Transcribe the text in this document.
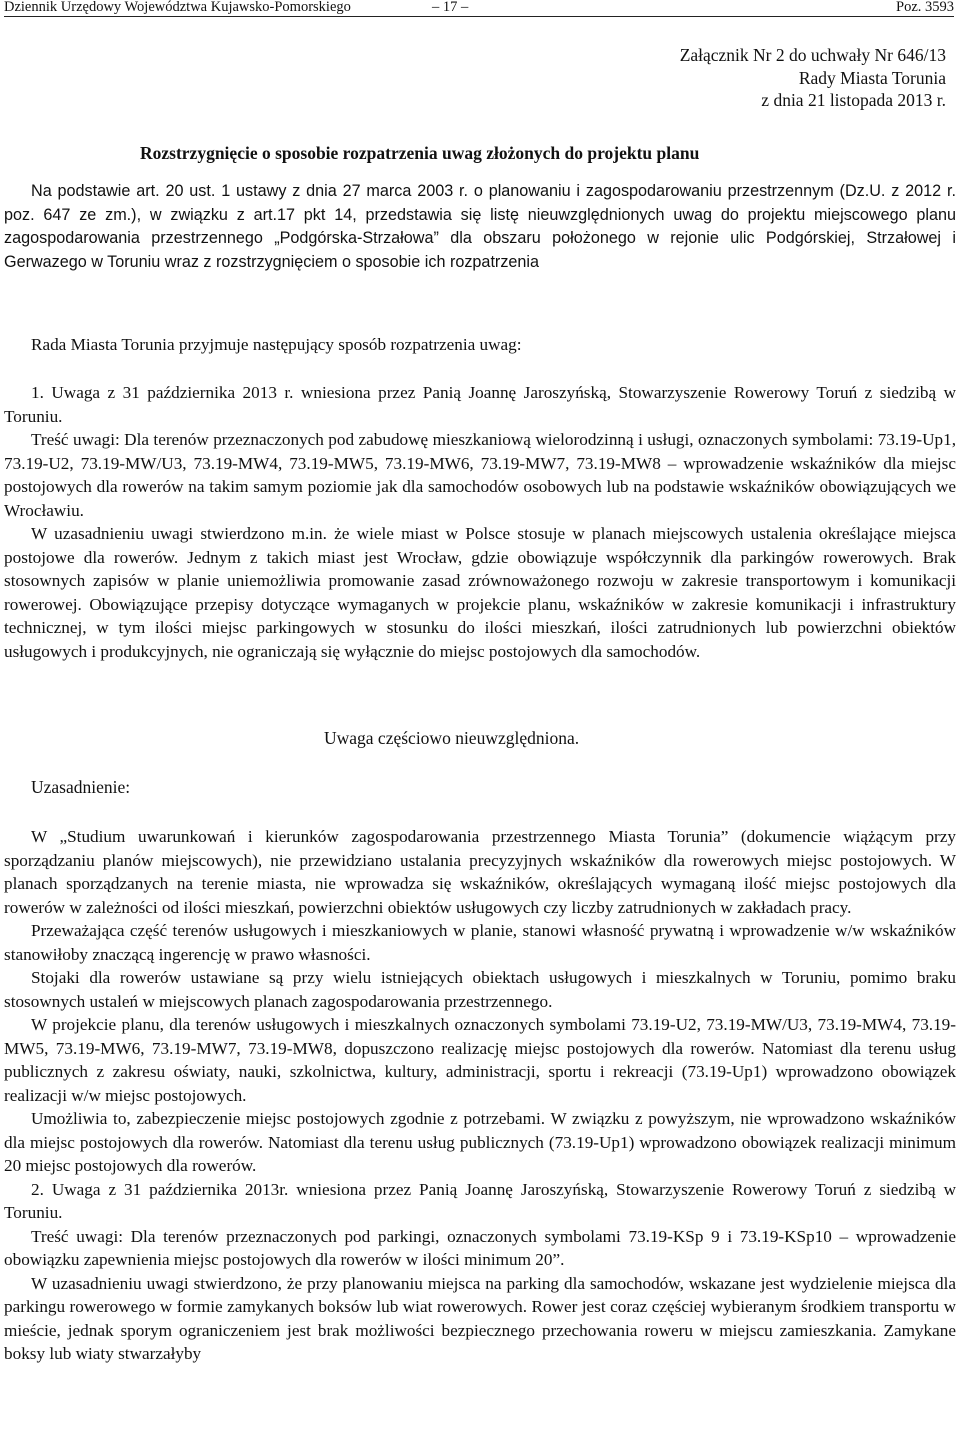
Dziennik Urzędowy Województwa Kujawsko-Pomorskiego	– 17 –	Poz. 3593
Załącznik Nr 2 do uchwały Nr 646/13
Rady Miasta Torunia
z dnia 21 listopada 2013 r.
Rozstrzygnięcie o sposobie rozpatrzenia uwag złożonych do projektu planu
Na podstawie art. 20 ust. 1 ustawy z dnia 27 marca 2003 r. o planowaniu i zagospodarowaniu przestrzennym (Dz.U. z 2012 r. poz. 647 ze zm.), w związku z art.17 pkt 14, przedstawia się listę nieuwzględnionych uwag do projektu miejscowego planu zagospodarowania przestrzennego „Podgórska-Strzałowa” dla obszaru położonego w rejonie ulic Podgórskiej, Strzałowej i Gerwazego w Toruniu wraz z rozstrzygnięciem o sposobie ich rozpatrzenia
Rada Miasta Torunia przyjmuje następujący sposób rozpatrzenia uwag:
1. Uwaga z 31 października 2013 r. wniesiona przez Panią Joannę Jaroszyńską, Stowarzyszenie Rowerowy Toruń z siedzibą w Toruniu.
Treść uwagi: Dla terenów przeznaczonych pod zabudowę mieszkaniową wielorodzinną i usługi, oznaczonych symbolami: 73.19-Up1, 73.19-U2, 73.19-MW/U3, 73.19-MW4, 73.19-MW5, 73.19-MW6, 73.19-MW7, 73.19-MW8 – wprowadzenie wskaźników dla miejsc postojowych dla rowerów na takim samym poziomie jak dla samochodów osobowych lub na podstawie wskaźników obowiązujących we Wrocławiu.
W uzasadnieniu uwagi stwierdzono m.in. że wiele miast w Polsce stosuje w planach miejscowych ustalenia określające miejsca postojowe dla rowerów. Jednym z takich miast jest Wrocław, gdzie obowiązuje współczynnik dla parkingów rowerowych. Brak stosownych zapisów w planie uniemożliwia promowanie zasad zrównoważonego rozwoju w zakresie transportowym i komunikacji rowerowej. Obowiązujące przepisy dotyczące wymaganych w projekcie planu, wskaźników w zakresie komunikacji i infrastruktury technicznej, w tym ilości miejsc parkingowych w stosunku do ilości mieszkań, ilości zatrudnionych lub powierzchni obiektów usługowych i produkcyjnych, nie ograniczają się wyłącznie do miejsc postojowych dla samochodów.
Uwaga częściowo nieuwzględniona.
Uzasadnienie:
W „Studium uwarunkowań i kierunków zagospodarowania przestrzennego Miasta Torunia” (dokumencie wiążącym przy sporządzaniu planów miejscowych), nie przewidziano ustalania precyzyjnych wskaźników dla rowerowych miejsc postojowych. W planach sporządzanych na terenie miasta, nie wprowadza się wskaźników, określających wymaganą ilość miejsc postojowych dla rowerów w zależności od ilości mieszkań, powierzchni obiektów usługowych czy liczby zatrudnionych w zakładach pracy.
Przeważająca część terenów usługowych i mieszkaniowych w planie, stanowi własność prywatną i wprowadzenie w/w wskaźników stanowiłoby znaczącą ingerencję w prawo własności.
Stojaki dla rowerów ustawiane są przy wielu istniejących obiektach usługowych i mieszkalnych w Toruniu, pomimo braku stosownych ustaleń w miejscowych planach zagospodarowania przestrzennego.
W projekcie planu, dla terenów usługowych i mieszkalnych oznaczonych symbolami 73.19-U2, 73.19-MW/U3, 73.19-MW4, 73.19-MW5, 73.19-MW6, 73.19-MW7, 73.19-MW8, dopuszczono realizację miejsc postojowych dla rowerów. Natomiast dla terenu usług publicznych z zakresu oświaty, nauki, szkolnictwa, kultury, administracji, sportu i rekreacji (73.19-Up1) wprowadzono obowiązek realizacji w/w miejsc postojowych.
Umożliwia to, zabezpieczenie miejsc postojowych zgodnie z potrzebami. W związku z powyższym, nie wprowadzono wskaźników dla miejsc postojowych dla rowerów. Natomiast dla terenu usług publicznych (73.19-Up1) wprowadzono obowiązek realizacji minimum 20 miejsc postojowych dla rowerów.
2. Uwaga z 31 października 2013r. wniesiona przez Panią Joannę Jaroszyńską, Stowarzyszenie Rowerowy Toruń z siedzibą w Toruniu.
Treść uwagi: Dla terenów przeznaczonych pod parkingi, oznaczonych symbolami 73.19-KSp 9 i 73.19-KSp10 – wprowadzenie obowiązku zapewnienia miejsc postojowych dla rowerów w ilości minimum 20”.
W uzasadnieniu uwagi stwierdzono, że przy planowaniu miejsca na parking dla samochodów, wskazane jest wydzielenie miejsca dla parkingu rowerowego w formie zamykanych boksów lub wiat rowerowych. Rower jest coraz częściej wybieranym środkiem transportu w mieście, jednak sporym ograniczeniem jest brak możliwości bezpiecznego przechowania roweru w miejscu zamieszkania. Zamykane boksy lub wiaty stwarzałyby
